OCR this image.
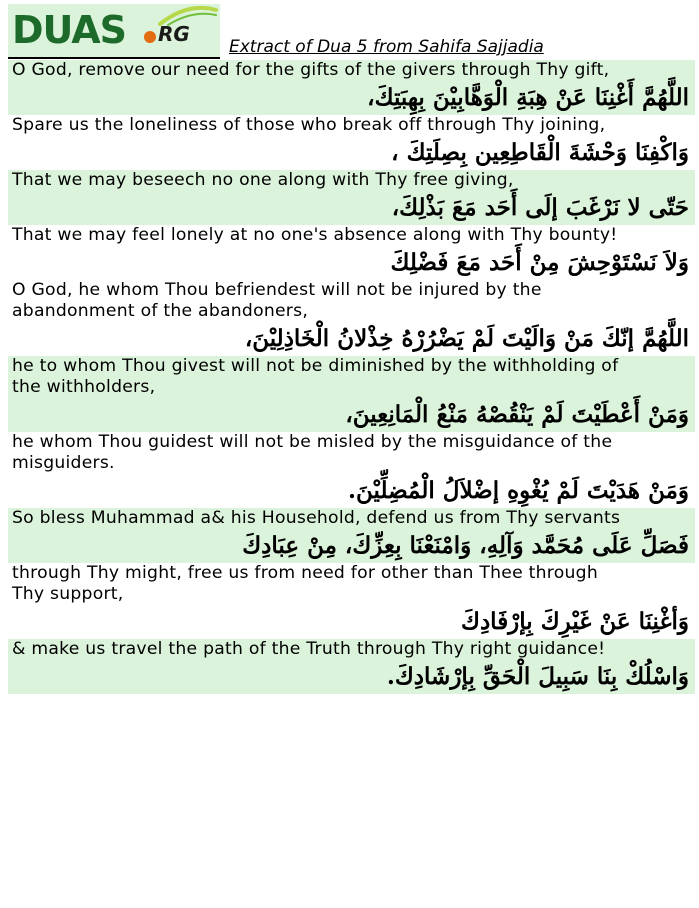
DUAS RG
Extract of Dua 5 from Sahifa Sajjadia
O God, remove our need for the gifts of the givers through Thy gift,
اللَّهُمَّ أَغْنِنَا عَنْ هِبَةِ الْوَهَّابِيْنَ بِهِبَتِكَ،
Spare us the loneliness of those who break off through Thy joining,
وَاكْفِنَا وَحْشَةَ الْقَاطِعِين بِصِلَتِكَ ،
That we may beseech no one along with Thy free giving,
حَتّى لا نَرْغَبَ إلَى أَحَد مَعَ بَذْلِكَ،
That we may feel lonely at no one's absence along with Thy bounty!
وَلاَ نَسْتَوْحِشَ مِنْ أَحَد مَعَ فَضْلِكَ
O God, he whom Thou befriendest will not be injured by the
abandonment of the abandoners,
اللَّهُمَّ إنّكَ مَنْ وَالَيْتَ لَمْ يَضْرُرْهُ خِذْلانُ الْخَاذِلِيْنَ،
he to whom Thou givest will not be diminished by the withholding of
the withholders,
وَمَنْ أَعْطَيْتَ لَمْ يَنْقُصْهُ مَنْعُ الْمَانِعِينَ،
he whom Thou guidest will not be misled by the misguidance of the
misguiders.
وَمَنْ هَدَيْتَ لَمْ يُغْوِهِ إضْلاَلُ الْمُضِلِّيْنَ.
So bless Muhammad a& his Household, defend us from Thy servants
فَصَلِّ عَلَى مُحَمَّد وَآلِهِ، وَامْنَعْنَا بِعِزِّكَ، مِنْ عِبَادِكَ
through Thy might, free us from need for other than Thee through
Thy support,
وَأغْنِنَا عَنْ غَيْرِكَ بِإرْفَادِكَ
& make us travel the path of the Truth through Thy right guidance!
وَاسْلُكْ بِنَا سَبِيلَ الْحَقِّ بِإرْشَادِكَ.
